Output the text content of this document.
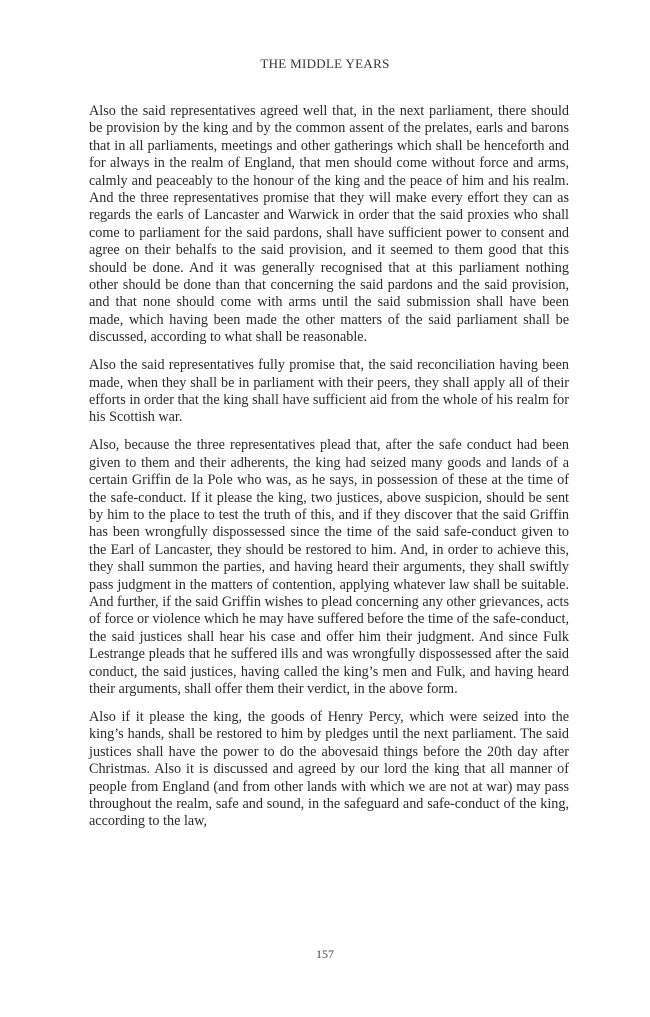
THE MIDDLE YEARS

Also the said representatives agreed well that, in the next parliament, there should be provision by the king and by the common assent of the prelates, earls and barons that in all parliaments, meetings and other gatherings which shall be henceforth and for always in the realm of England, that men should come without force and arms, calmly and peaceably to the honour of the king and the peace of him and his realm. And the three representatives promise that they will make every effort they can as regards the earls of Lancaster and Warwick in order that the said proxies who shall come to parliament for the said pardons, shall have sufficient power to consent and agree on their behalfs to the said provision, and it seemed to them good that this should be done. And it was generally recognised that at this parliament nothing other should be done than that concerning the said pardons and the said provision, and that none should come with arms until the said submission shall have been made, which having been made the other matters of the said parliament shall be discussed, according to what shall be reasonable.

Also the said representatives fully promise that, the said reconciliation having been made, when they shall be in parliament with their peers, they shall apply all of their efforts in order that the king shall have sufficient aid from the whole of his realm for his Scottish war.

Also, because the three representatives plead that, after the safe conduct had been given to them and their adherents, the king had seized many goods and lands of a certain Griffin de la Pole who was, as he says, in possession of these at the time of the safe-conduct. If it please the king, two justices, above suspicion, should be sent by him to the place to test the truth of this, and if they discover that the said Griffin has been wrongfully dispossessed since the time of the said safe-conduct given to the Earl of Lancaster, they should be restored to him. And, in order to achieve this, they shall summon the parties, and having heard their arguments, they shall swiftly pass judgment in the matters of contention, applying whatever law shall be suitable. And further, if the said Griffin wishes to plead concerning any other grievances, acts of force or violence which he may have suffered before the time of the safe-conduct, the said justices shall hear his case and offer him their judgment. And since Fulk Lestrange pleads that he suffered ills and was wrongfully dispossessed after the said conduct, the said justices, having called the king’s men and Fulk, and having heard their arguments, shall offer them their verdict, in the above form.

Also if it please the king, the goods of Henry Percy, which were seized into the king’s hands, shall be restored to him by pledges until the next parliament. The said justices shall have the power to do the abovesaid things before the 20th day after Christmas. Also it is discussed and agreed by our lord the king that all manner of people from England (and from other lands with which we are not at war) may pass throughout the realm, safe and sound, in the safeguard and safe-conduct of the king, according to the law,

157
